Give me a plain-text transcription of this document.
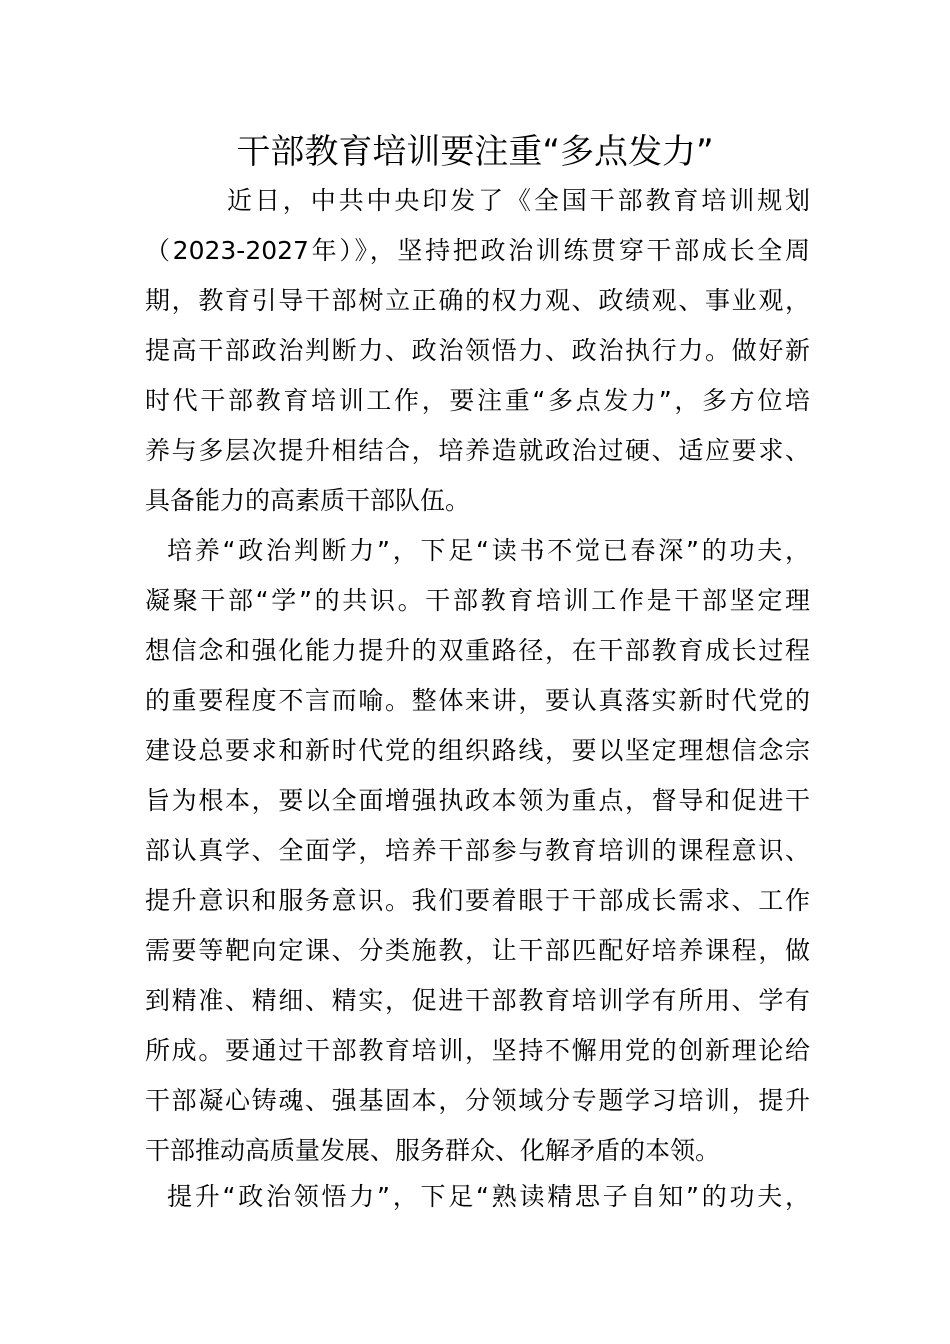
干部教育培训要注重“多点发力”
近日，中共中央印发了《全国干部教育培训规划
（2023-2027年）》，坚持把政治训练贯穿干部成长全周
期，教育引导干部树立正确的权力观、政绩观、事业观，
提高干部政治判断力、政治领悟力、政治执行力。做好新
时代干部教育培训工作，要注重“多点发力”，多方位培
养与多层次提升相结合，培养造就政治过硬、适应要求、
具备能力的高素质干部队伍。
培养“政治判断力”，下足“读书不觉已春深”的功夫，
凝聚干部“学”的共识。干部教育培训工作是干部坚定理
想信念和强化能力提升的双重路径，在干部教育成长过程
的重要程度不言而喻。整体来讲，要认真落实新时代党的
建设总要求和新时代党的组织路线，要以坚定理想信念宗
旨为根本，要以全面增强执政本领为重点，督导和促进干
部认真学、全面学，培养干部参与教育培训的课程意识、
提升意识和服务意识。我们要着眼于干部成长需求、工作
需要等靶向定课、分类施教，让干部匹配好培养课程，做
到精准、精细、精实，促进干部教育培训学有所用、学有
所成。要通过干部教育培训，坚持不懈用党的创新理论给
干部凝心铸魂、强基固本，分领域分专题学习培训，提升
干部推动高质量发展、服务群众、化解矛盾的本领。
提升“政治领悟力”，下足“熟读精思子自知”的功夫，
